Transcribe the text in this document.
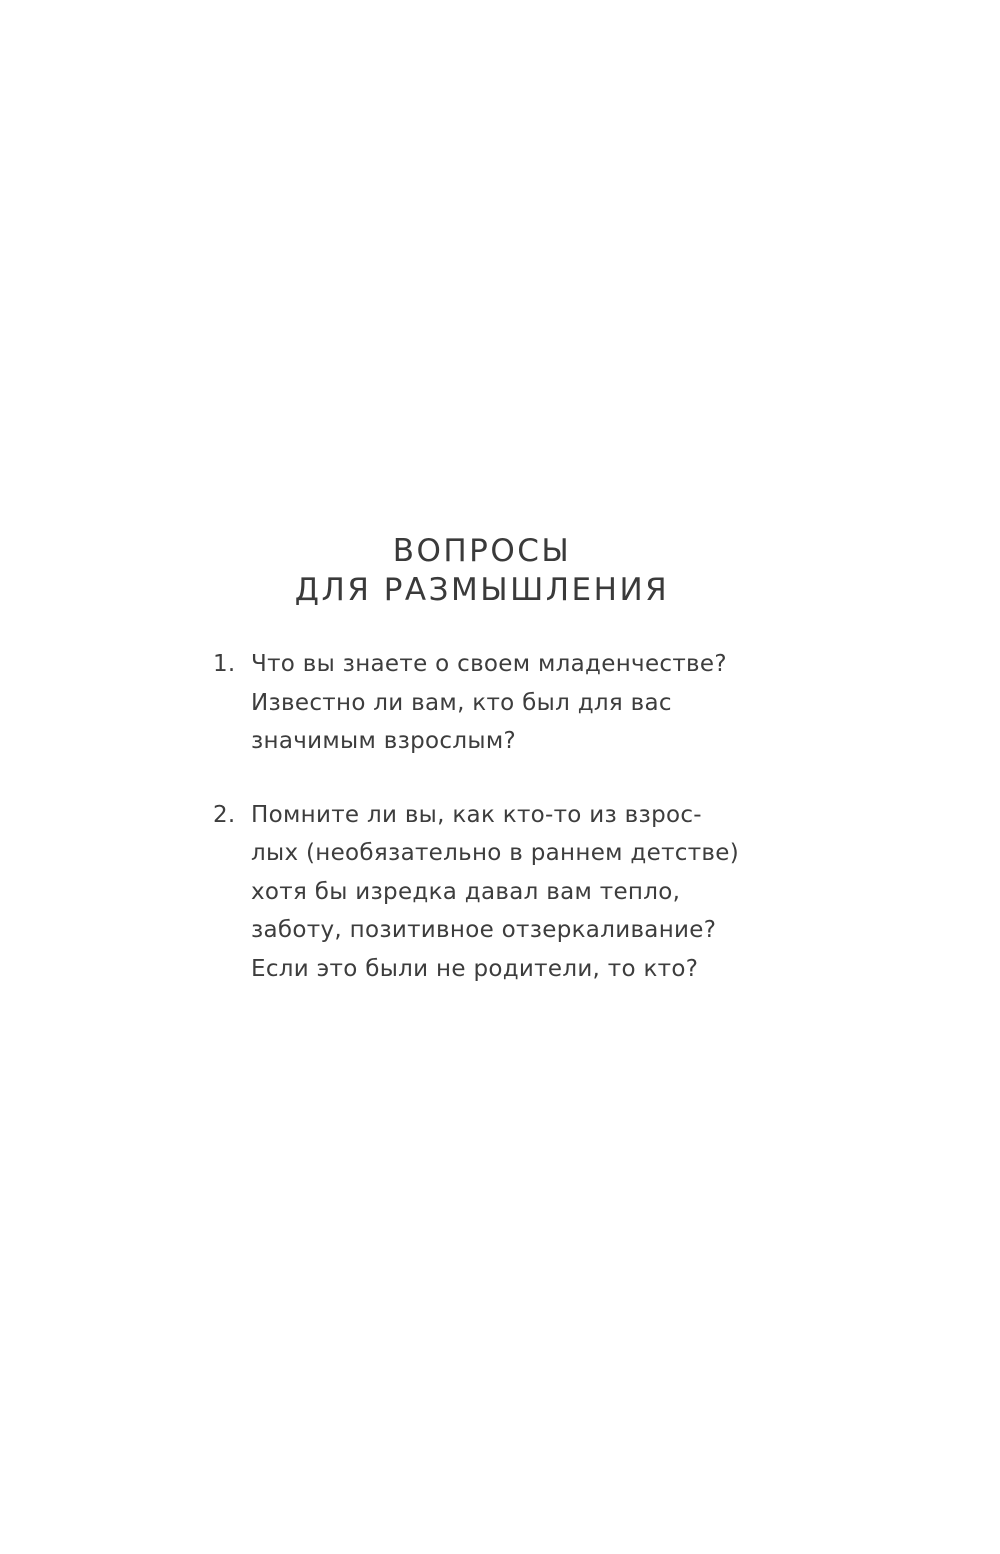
ВОПРОСЫ
ДЛЯ РАЗМЫШЛЕНИЯ
1. Что вы знаете о своем младенчестве?
Известно ли вам, кто был для вас
значимым взрослым?
2. Помните ли вы, как кто-то из взрос-
лых (необязательно в раннем детстве)
хотя бы изредка давал вам тепло,
заботу, позитивное отзеркаливание?
Если это были не родители, то кто?
